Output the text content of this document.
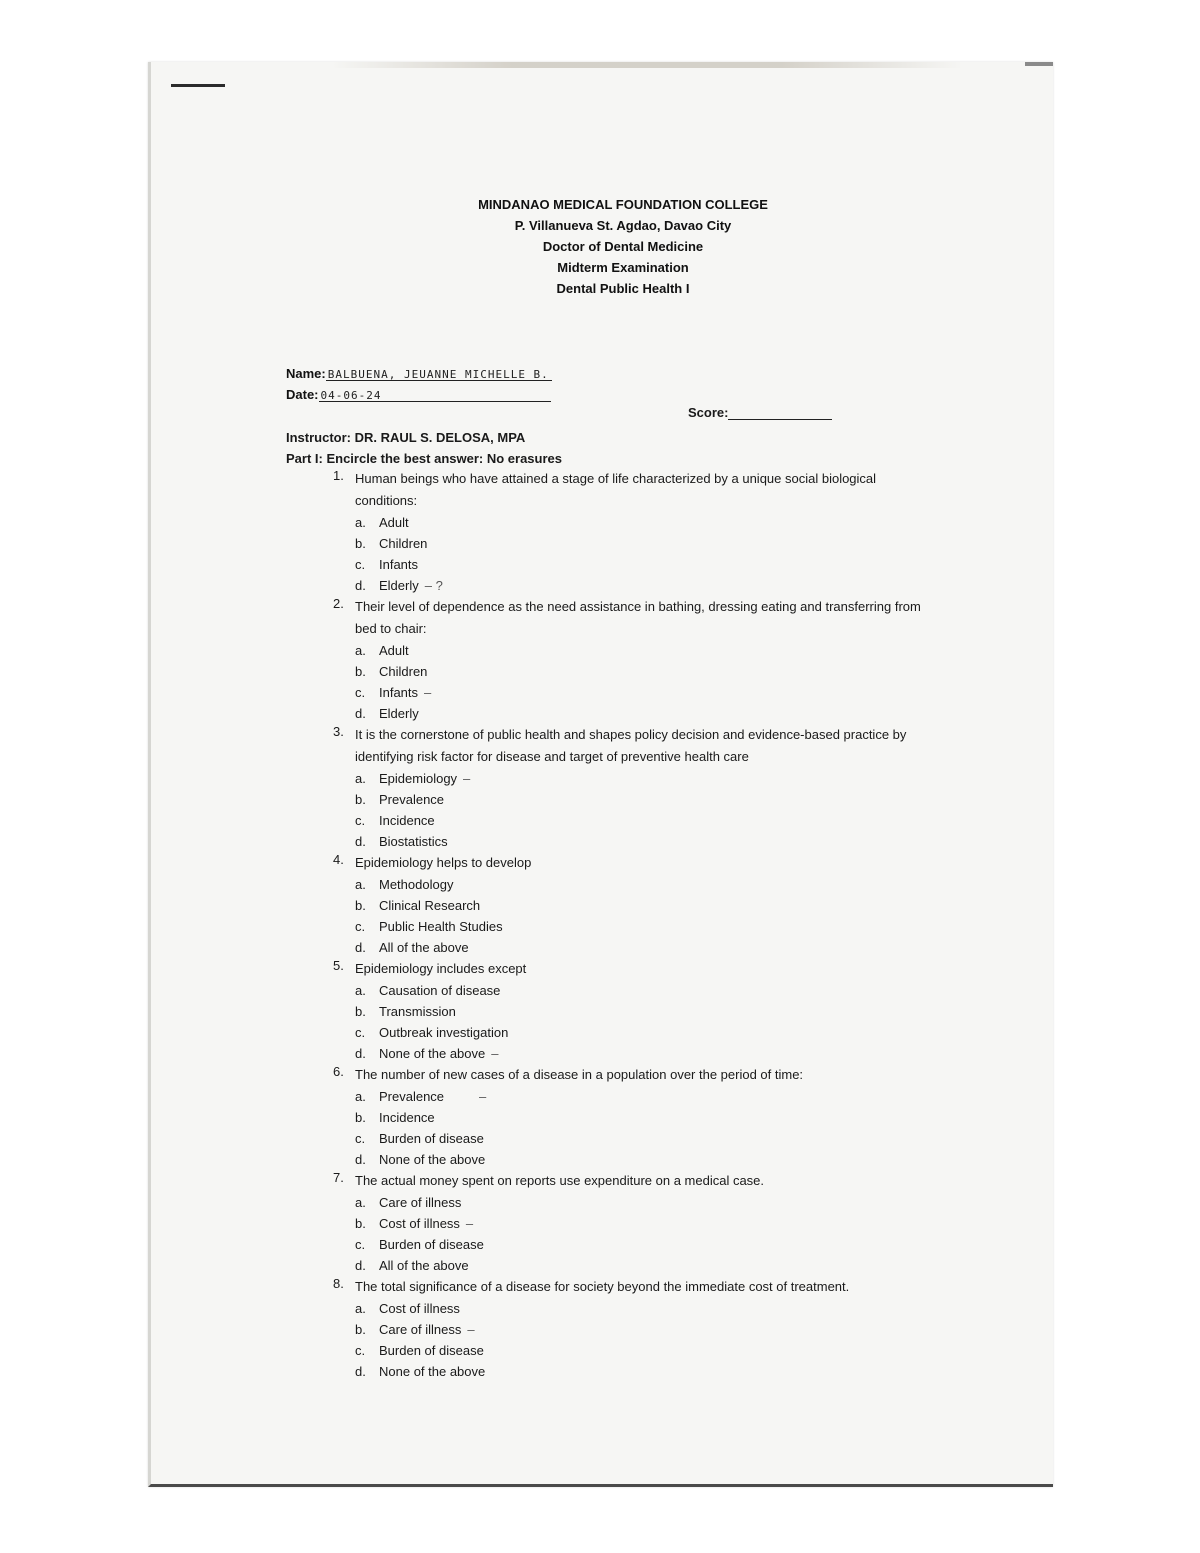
MINDANAO MEDICAL FOUNDATION COLLEGE
P. Villanueva St. Agdao, Davao City
Doctor of Dental Medicine
Midterm Examination
Dental Public Health I
Name: BALBUENA, JEUANNE MICHELLE B.
Date: 04-06-24
Score:
Instructor: DR. RAUL S. DELOSA, MPA
Part I: Encircle the best answer: No erasures
1. Human beings who have attained a stage of life characterized by a unique social biological conditions:
a. Adult
b. Children
c. Infants
d. Elderly – ?
2. Their level of dependence as the need assistance in bathing, dressing eating and transferring from bed to chair:
a. Adult
b. Children
c. Infants –
d. Elderly
3. It is the cornerstone of public health and shapes policy decision and evidence-based practice by identifying risk factor for disease and target of preventive health care
a. Epidemiology –
b. Prevalence
c. Incidence
d. Biostatistics
4. Epidemiology helps to develop
a. Methodology
b. Clinical Research
c. Public Health Studies
d. All of the above
5. Epidemiology includes except
a. Causation of disease
b. Transmission
c. Outbreak investigation
d. None of the above –
6. The number of new cases of a disease in a population over the period of time:
a. Prevalence        –
b. Incidence
c. Burden of disease
d. None of the above
7. The actual money spent on reports use expenditure on a medical case.
a. Care of illness
b. Cost of illness –
c. Burden of disease
d. All of the above
8. The total significance of a disease for society beyond the immediate cost of treatment.
a. Cost of illness
b. Care of illness –
c. Burden of disease
d. None of the above
